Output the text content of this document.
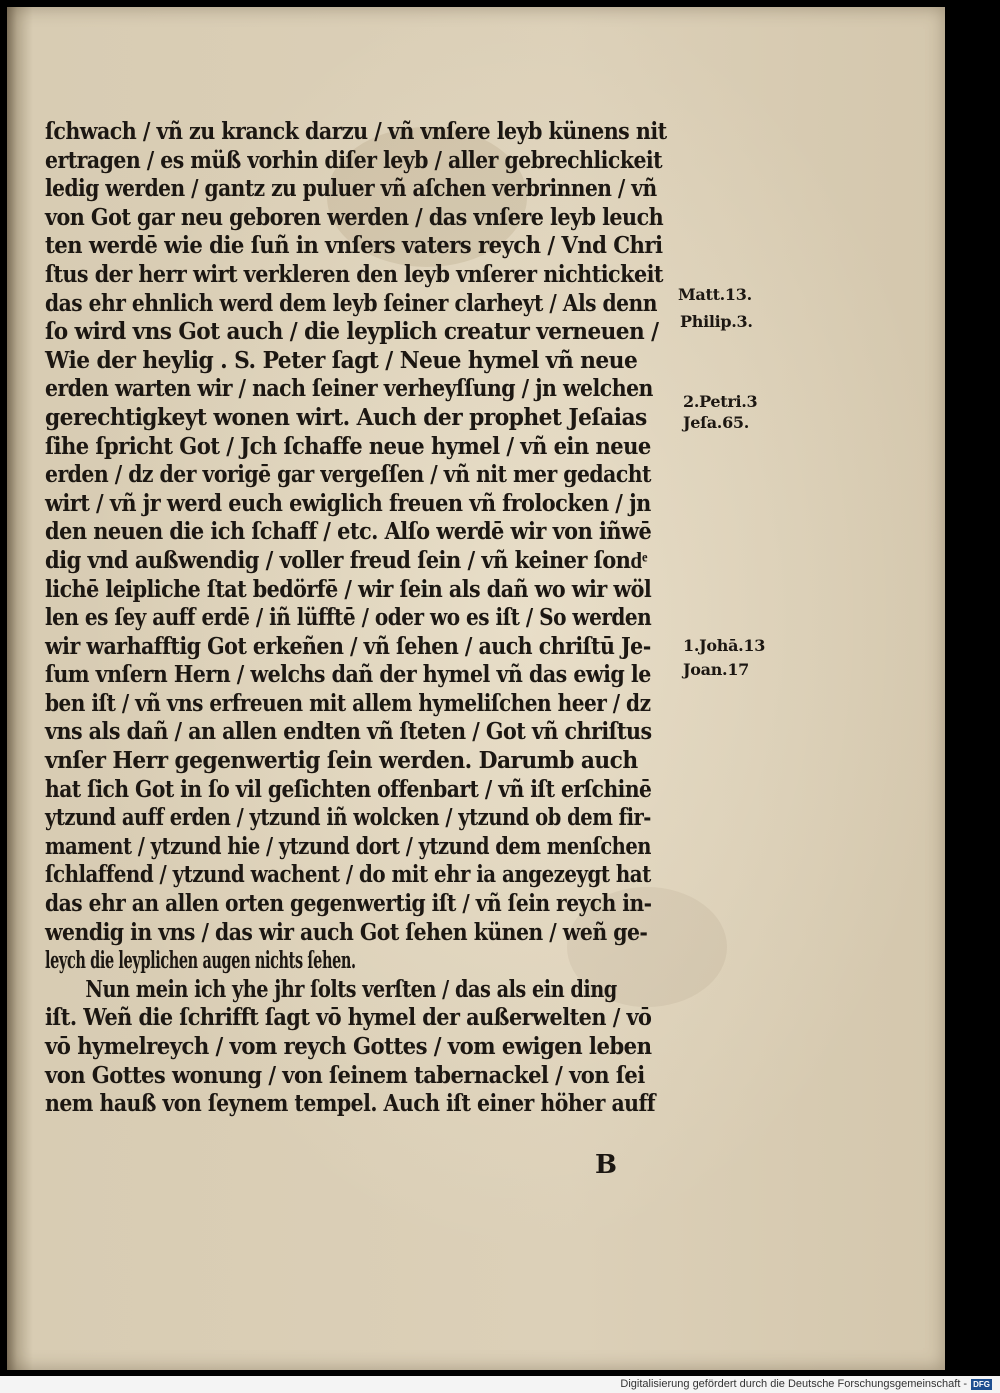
ſchwach / vñ zu kranck darzu / vñ vnſere leyb künens nit
ertragen / es müß vorhin diſer leyb / aller gebrechlickeit
ledig werden / gantz zu puluer vñ aſchen verbrinnen / vñ
von Got gar neu geboren werden / das vnſere leyb leuch
ten werdē wie die ſuñ in vnſers vaters reych / Vnd Chri
ſtus der herr wirt verkleren den leyb vnſerer nichtickeit
das ehr ehnlich werd dem leyb ſeiner clarheyt / Als denn
ſo wird vns Got auch / die leyplich creatur verneuen /
Wie der heylig . S. Peter ſagt / Neue hymel vñ neue
erden warten wir / nach ſeiner verheyſſung / jn welchen
gerechtigkeyt wonen wirt. Auch der prophet Jeſaias
ſihe ſpricht Got / Jch ſchaffe neue hymel / vñ ein neue
erden / dz der vorigē gar vergeſſen / vñ nit mer gedacht
wirt / vñ jr werd euch ewiglich freuen vñ frolocken / jn
den neuen die ich ſchaff / etc. Alſo werdē wir von iñwē
dig vnd außwendig / voller freud ſein / vñ keiner ſondͤ
lichē leipliche ſtat bedörfē / wir ſein als dañ wo wir wöl
len es ſey auff erdē / iñ lüfftē / oder wo es iſt / So werden
wir warhafftig Got erkeñen / vñ ſehen / auch chriſtū Je-
ſum vnſern Hern / welchs dañ der hymel vñ das ewig le
ben iſt / vñ vns erfreuen mit allem hymeliſchen heer / dz
vns als dañ / an allen endten vñ ſteten / Got vñ chriſtus
vnſer Herr gegenwertig ſein werden. Darumb auch
hat ſich Got in ſo vil geſichten offenbart / vñ iſt erſchinē
ytzund auff erden / ytzund iñ wolcken / ytzund ob dem fir-
mament / ytzund hie / ytzund dort / ytzund dem menſchen
ſchlaffend / ytzund wachent / do mit ehr ia angezeygt hat
das ehr an allen orten gegenwertig iſt / vñ ſein reych in-
wendig in vns / das wir auch Got ſehen künen / weñ ge-
leych die leyplichen augen nichts ſehen.
Nun mein ich yhe jhr ſolts verſten / das als ein ding
iſt. Weñ die ſchrifft ſagt vō hymel der außerwelten / vō
vō hymelreych / vom reych Gottes / vom ewigen leben
von Gottes wonung / von ſeinem tabernackel / von ſei
nem hauß von ſeynem tempel. Auch iſt einer höher auff
Matt.13.
Philip.3.
2.Petri.3
Jeſa.65.
1.Johā.13
Joan.17
B
Digitalisierung gefördert durch die Deutsche Forschungsgemeinschaft - DFG
